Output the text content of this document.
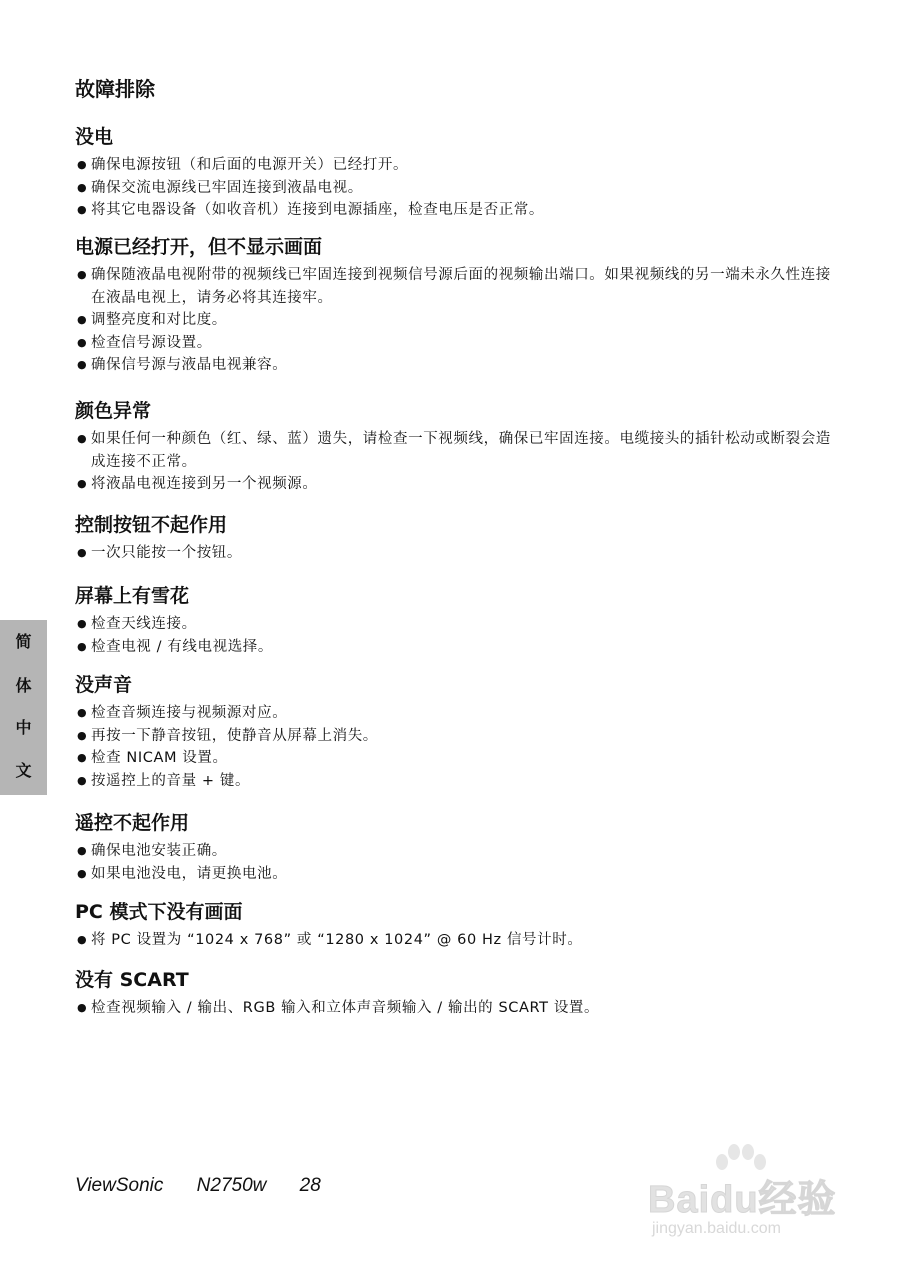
故障排除
没电
● 确保电源按钮（和后面的电源开关）已经打开。
● 确保交流电源线已牢固连接到液晶电视。
● 将其它电器设备（如收音机）连接到电源插座，检查电压是否正常。
电源已经打开，但不显示画面
● 确保随液晶电视附带的视频线已牢固连接到视频信号源后面的视频输出端口。如果视频线的另一端未永久性连接在液晶电视上，请务必将其连接牢。
● 调整亮度和对比度。
● 检查信号源设置。
● 确保信号源与液晶电视兼容。
颜色异常
● 如果任何一种颜色（红、绿、蓝）遗失，请检查一下视频线，确保已牢固连接。电缆接头的插针松动或断裂会造成连接不正常。
● 将液晶电视连接到另一个视频源。
控制按钮不起作用
● 一次只能按一个按钮。
屏幕上有雪花
● 检查天线连接。
● 检查电视 / 有线电视选择。
没声音
● 检查音频连接与视频源对应。
● 再按一下静音按钮，使静音从屏幕上消失。
● 检查 NICAM 设置。
● 按遥控上的音量 + 键。
遥控不起作用
● 确保电池安装正确。
● 如果电池没电，请更换电池。
PC 模式下没有画面
● 将 PC 设置为 “1024 x 768” 或 “1280 x 1024” @ 60 Hz 信号计时。
没有 SCART
● 检查视频输入 / 输出、RGB 输入和立体声音频输入 / 输出的 SCART 设置。
简
体
中
文
ViewSonic N2750w 28	Baidu经验
jingyan.baidu.com
